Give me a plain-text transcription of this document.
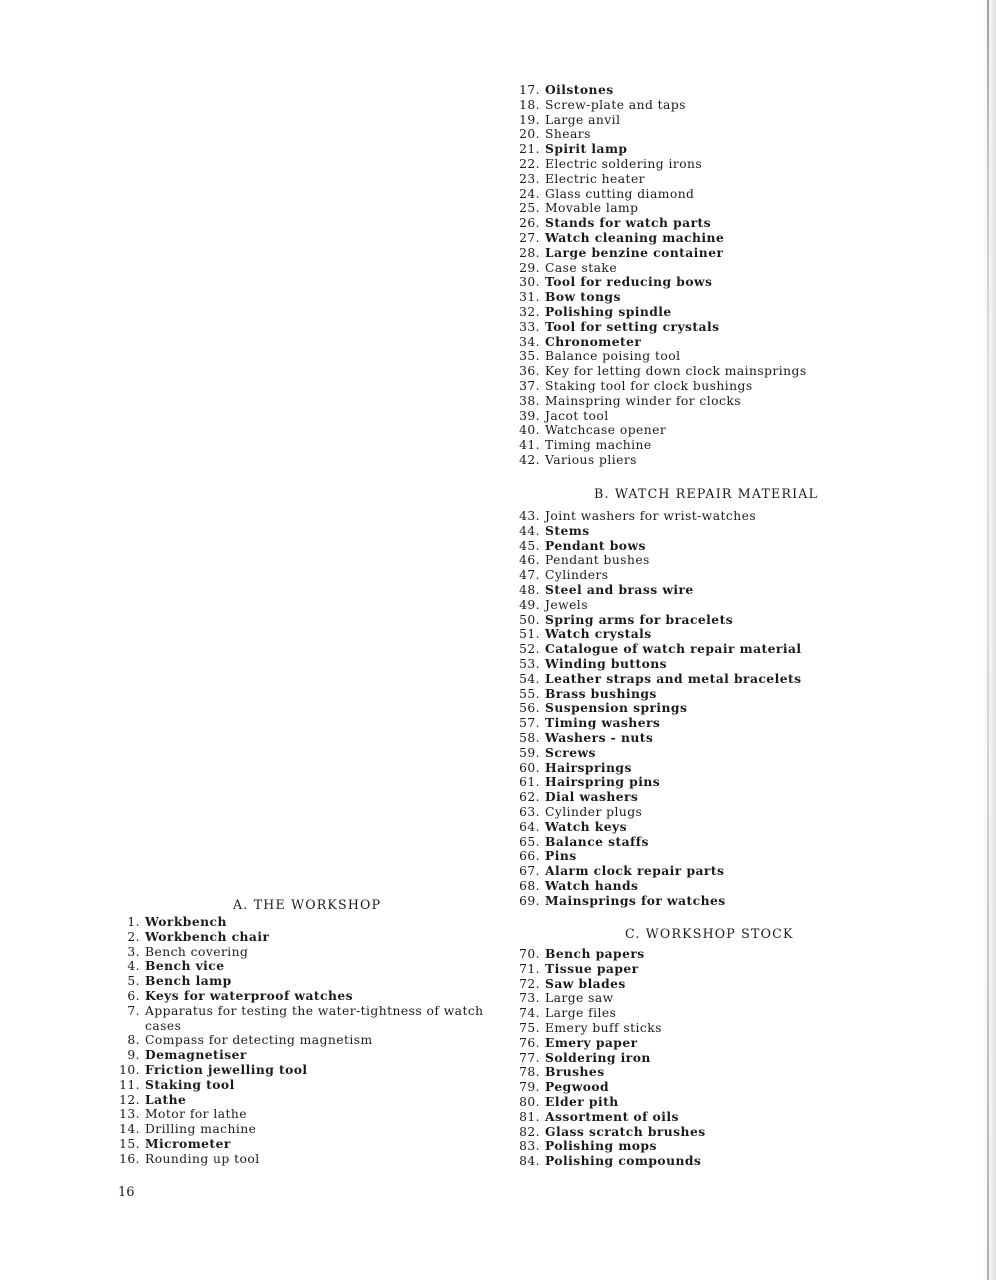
17. Oilstones
18. Screw-plate and taps
19. Large anvil
20. Shears
21. Spirit lamp
22. Electric soldering irons
23. Electric heater
24. Glass cutting diamond
25. Movable lamp
26. Stands for watch parts
27. Watch cleaning machine
28. Large benzine container
29. Case stake
30. Tool for reducing bows
31. Bow tongs
32. Polishing spindle
33. Tool for setting crystals
34. Chronometer
35. Balance poising tool
36. Key for letting down clock mainsprings
37. Staking tool for clock bushings
38. Mainspring winder for clocks
39. Jacot tool
40. Watchcase opener
41. Timing machine
42. Various pliers
B. WATCH REPAIR MATERIAL
43. Joint washers for wrist-watches
44. Stems
45. Pendant bows
46. Pendant bushes
47. Cylinders
48. Steel and brass wire
49. Jewels
50. Spring arms for bracelets
51. Watch crystals
52. Catalogue of watch repair material
53. Winding buttons
54. Leather straps and metal bracelets
55. Brass bushings
56. Suspension springs
57. Timing washers
58. Washers - nuts
59. Screws
60. Hairsprings
61. Hairspring pins
62. Dial washers
63. Cylinder plugs
64. Watch keys
65. Balance staffs
66. Pins
67. Alarm clock repair parts
68. Watch hands
69. Mainsprings for watches
A. THE WORKSHOP
1. Workbench
2. Workbench chair
3. Bench covering
4. Bench vice
5. Bench lamp
6. Keys for waterproof watches
7. Apparatus for testing the water-tightness of watch
cases
8. Compass for detecting magnetism
9. Demagnetiser
10. Friction jewelling tool
11. Staking tool
12. Lathe
13. Motor for lathe
14. Drilling machine
15. Micrometer
16. Rounding up tool
C. WORKSHOP STOCK
70. Bench papers
71. Tissue paper
72. Saw blades
73. Large saw
74. Large files
75. Emery buff sticks
76. Emery paper
77. Soldering iron
78. Brushes
79. Pegwood
80. Elder pith
81. Assortment of oils
82. Glass scratch brushes
83. Polishing mops
84. Polishing compounds
16
